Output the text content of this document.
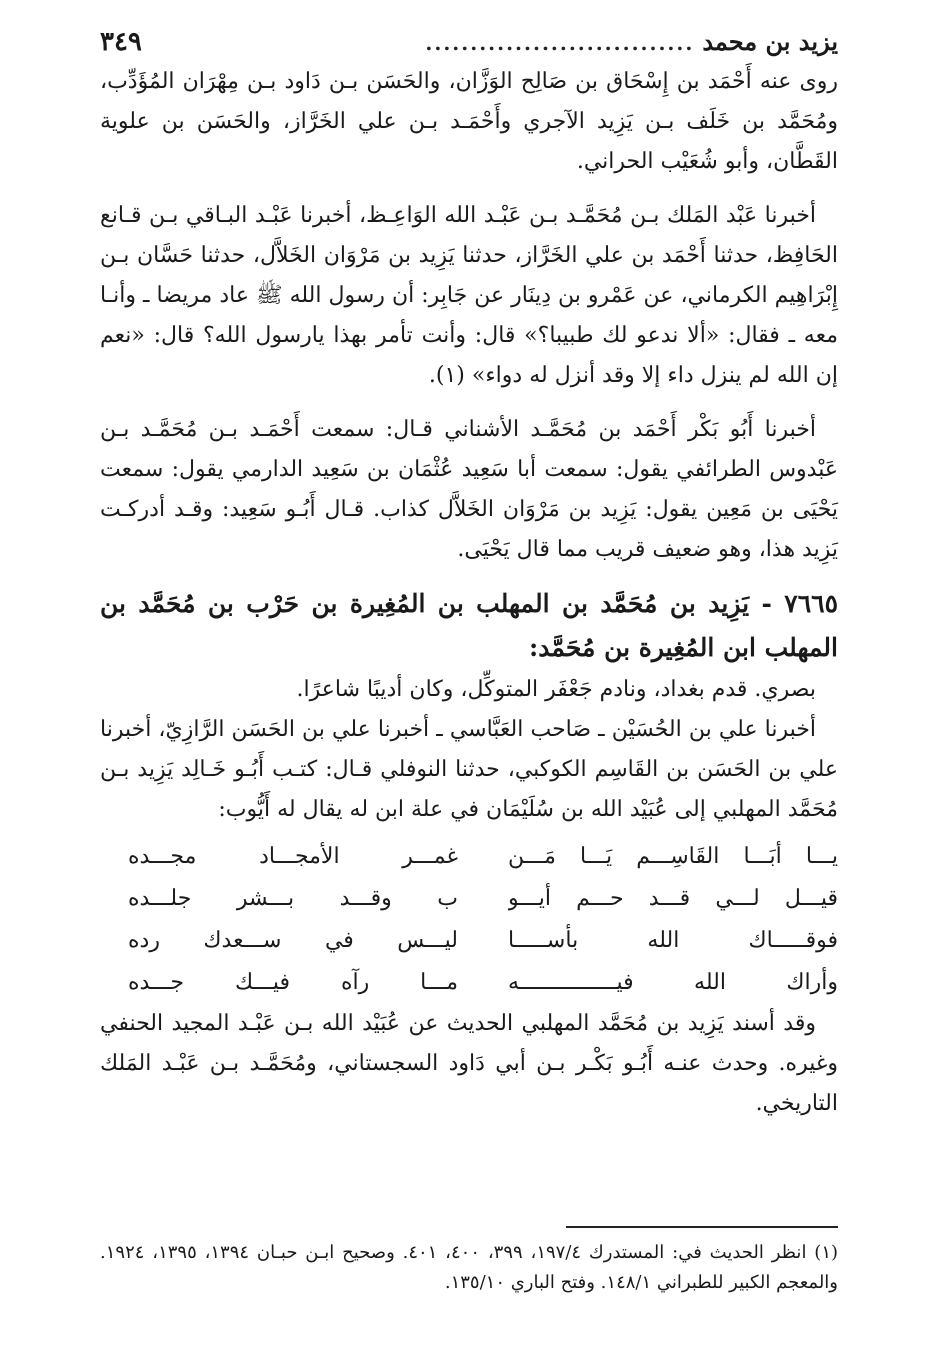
يزيد بن محمد
..............................
٣٤٩

روى عنه أَحْمَد بن إِسْحَاق بن صَالِح الوَزَّان، والحَسَن بـن دَاود بـن مِهْرَان المُؤَدِّب، ومُحَمَّد بن خَلَف بـن يَزِيد الآجري وأَحْمَـد بـن علي الخَرَّاز، والحَسَن بن علوية القَطَّان، وأبو شُعَيْب الحراني.

أخبرنا عَبْد المَلك بـن مُحَمَّـد بـن عَبْـد الله الوَاعِـظ، أخبرنا عَبْـد البـاقي بـن قـانع الحَافِظ، حدثنا أَحْمَد بن علي الخَرَّاز، حدثنا يَزِيد بن مَرْوَان الخَلاَّل، حدثنا حَسَّان بـن إِبْرَاهِيم الكرماني، عن عَمْرو بن دِينَار عن جَابِر: أن رسول الله ﷺ عاد مريضا ـ وأنـا معه ـ فقال: «ألا ندعو لك طبيبا؟» قال: وأنت تأمر بهذا يارسول الله؟ قال: «نعم إن الله لم ينزل داء إلا وقد أنزل له دواء» (١).

أخبرنا أَبُو بَكْر أَحْمَد بن مُحَمَّـد الأشناني قـال: سمعت أَحْمَـد بـن مُحَمَّـد بـن عَبْدوس الطرائفي يقول: سمعت أبا سَعِيد عُثْمَان بن سَعِيد الدارمي يقول: سمعت يَحْيَى بن مَعِين يقول: يَزِيد بن مَرْوَان الخَلاَّل كذاب. قـال أَبُـو سَعِيد: وقـد أدركـت يَزِيد هذا، وهو ضعيف قريب مما قال يَحْيَى.

٧٦٦٥ - يَزِيد بن مُحَمَّد بن المهلب بن المُغِيرة بن حَرْب بن مُحَمَّد بن المهلب ابن المُغِيرة بن مُحَمَّد:

بصري. قدم بغداد، ونادم جَعْفَر المتوكِّل، وكان أديبًا شاعرًا.

أخبرنا علي بن الحُسَيْن ـ صَاحب العَبَّاسي ـ أخبرنا علي بن الحَسَن الرَّازِيّ، أخبرنا علي بن الحَسَن بن القَاسِم الكوكبي، حدثنا النوفلي قـال: كتـب أَبُـو خَـالِد يَزِيد بـن مُحَمَّد المهلبي إلى عُبَيْد الله بن سُلَيْمَان في علة ابن له يقال له أَيُّوب:

يـــا أبَـــا القَاسِـــم يَـــا مَـــن
غمـــر الأمجـــاد مجـــده
قيـــل لـــي قـــد حـــم أيـــو
ب وقـــد بـــشر جلـــده
فوقـــــاك الله بأســـــا
ليـــس في ســـعدك رده
وأراك الله فيـــــــــــــــه
مـــا رآه فيـــك جـــده

وقد أسند يَزِيد بن مُحَمَّد المهلبي الحديث عن عُبَيْد الله بـن عَبْـد المجيد الحنفي وغيره. وحدث عنـه أَبُـو بَكْـر بـن أبي دَاود السجستاني، ومُحَمَّـد بـن عَبْـد المَلك التاريخي.

(١) انظر الحديث في: المستدرك ١٩٧/٤، ٣٩٩، ٤٠٠، ٤٠١. وصحيح ابـن حبـان ١٣٩٤، ١٣٩٥، ١٩٢٤. والمعجم الكبير للطبراني ١٤٨/١. وفتح الباري ١٣٥/١٠.
